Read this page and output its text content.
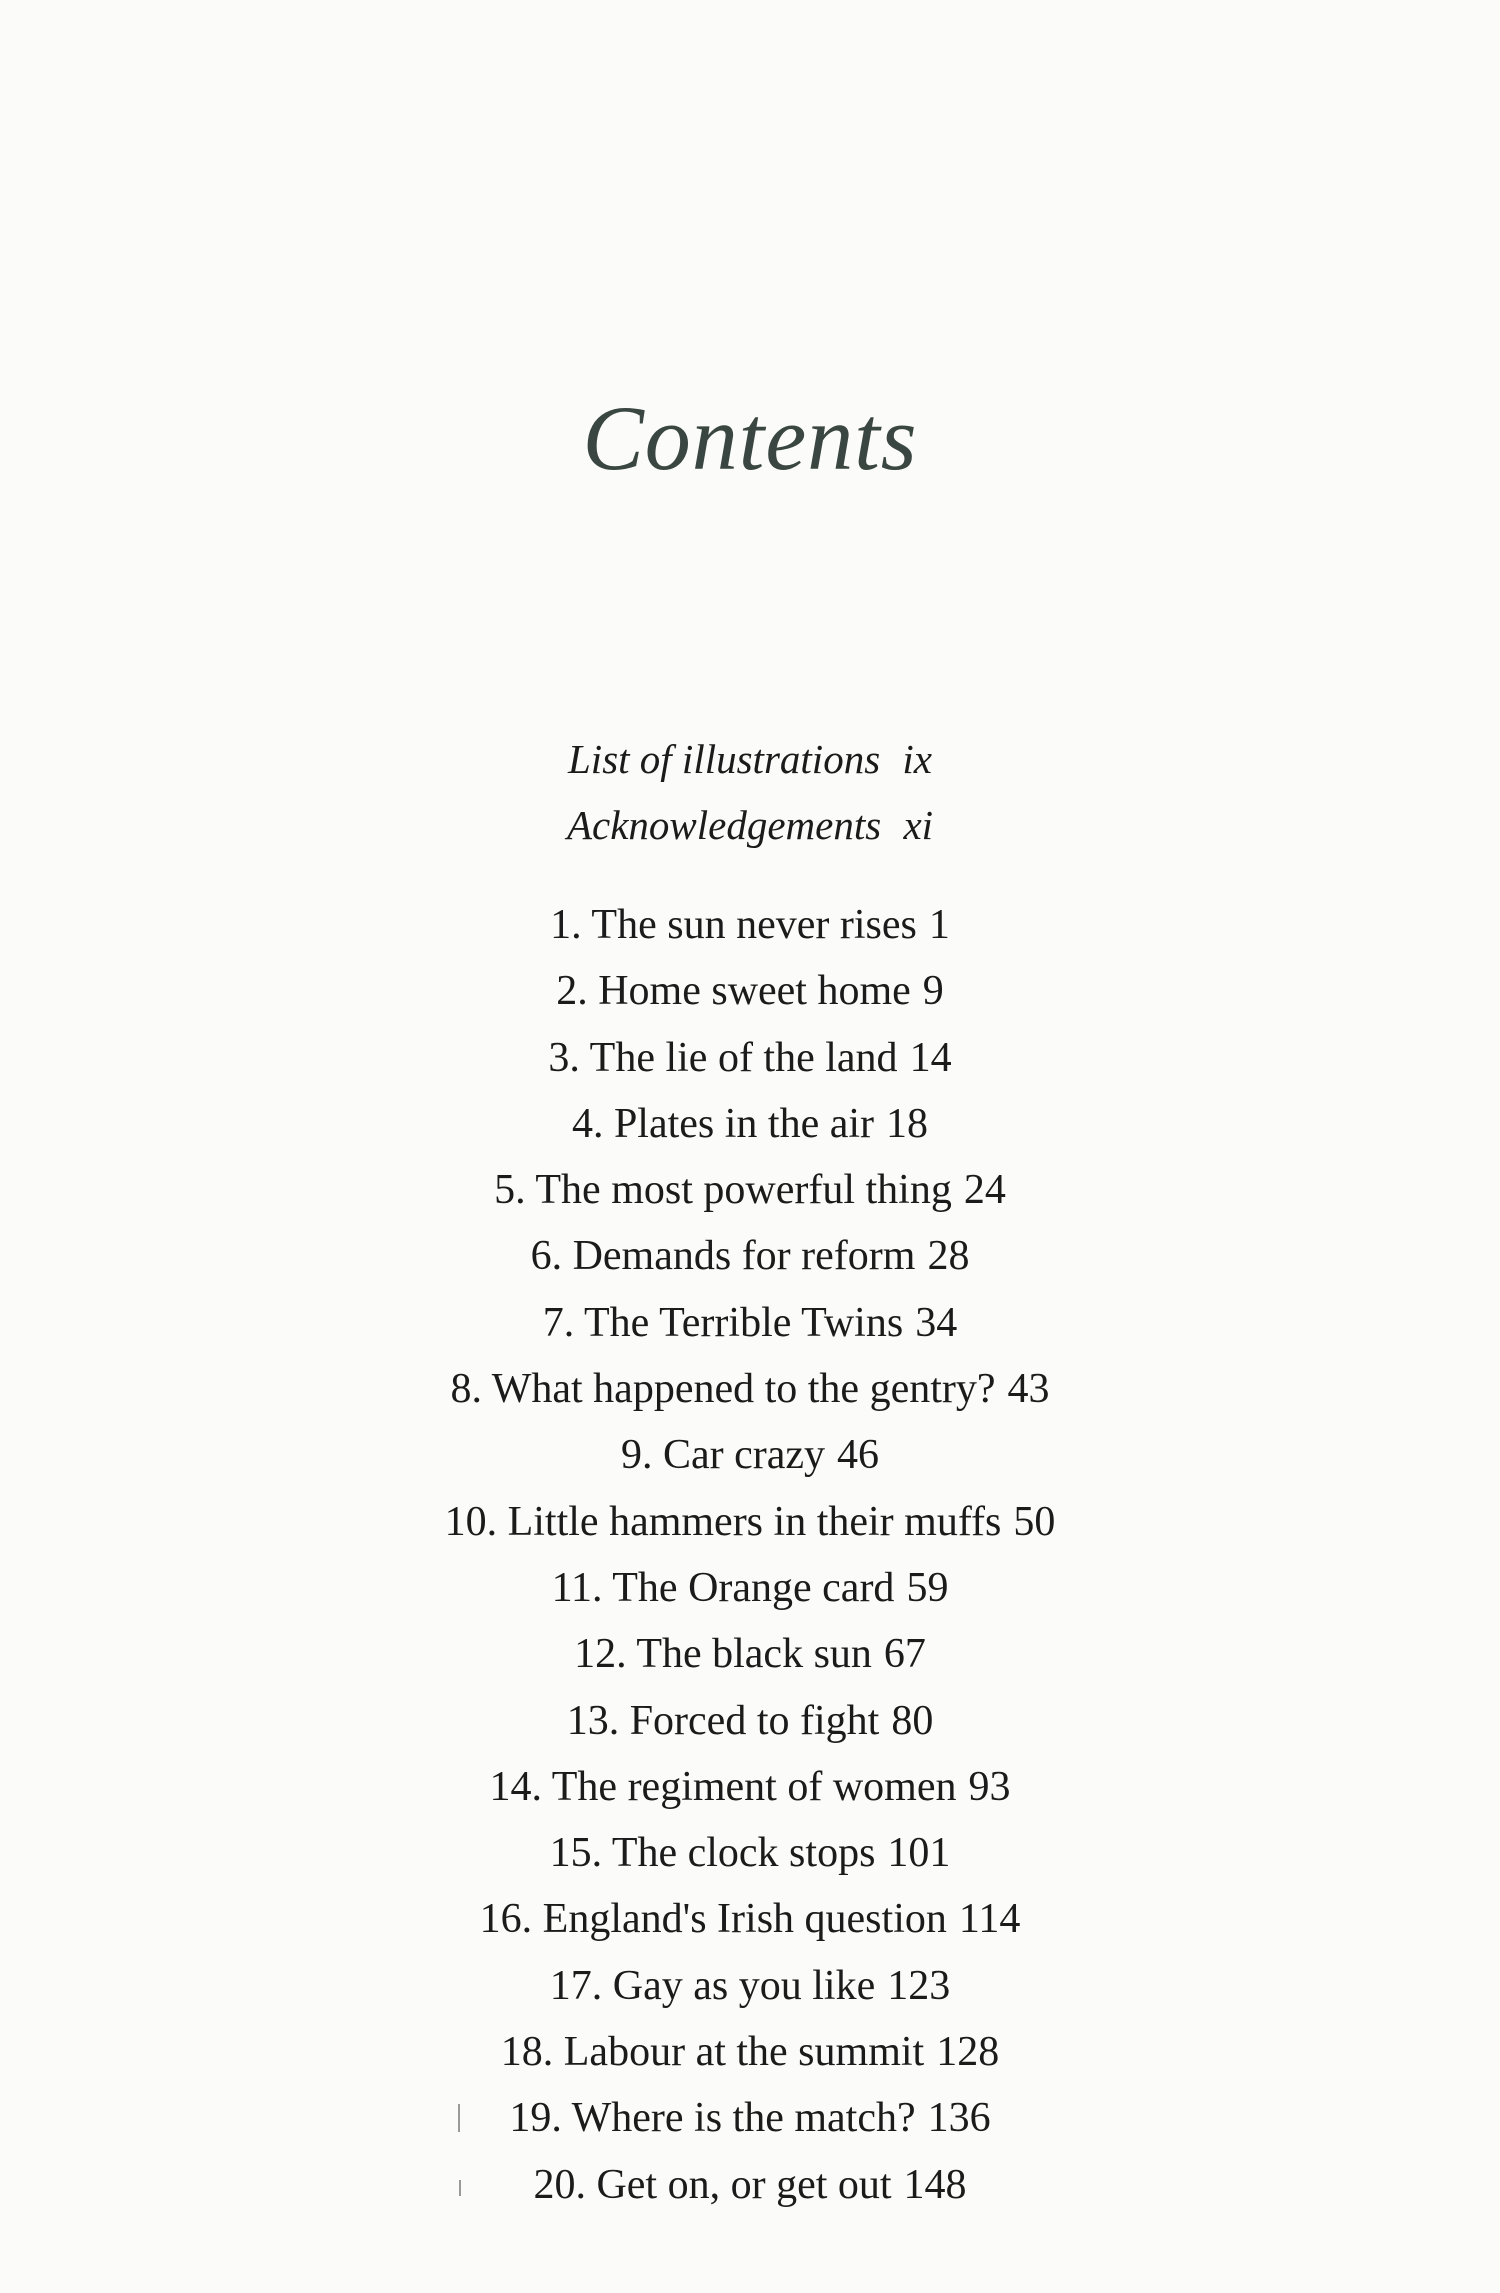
Contents
List of illustrations ix
Acknowledgements xi
1. The sun never rises 1
2. Home sweet home 9
3. The lie of the land 14
4. Plates in the air 18
5. The most powerful thing 24
6. Demands for reform 28
7. The Terrible Twins 34
8. What happened to the gentry? 43
9. Car crazy 46
10. Little hammers in their muffs 50
11. The Orange card 59
12. The black sun 67
13. Forced to fight 80
14. The regiment of women 93
15. The clock stops 101
16. England's Irish question 114
17. Gay as you like 123
18. Labour at the summit 128
19. Where is the match? 136
20. Get on, or get out 148
